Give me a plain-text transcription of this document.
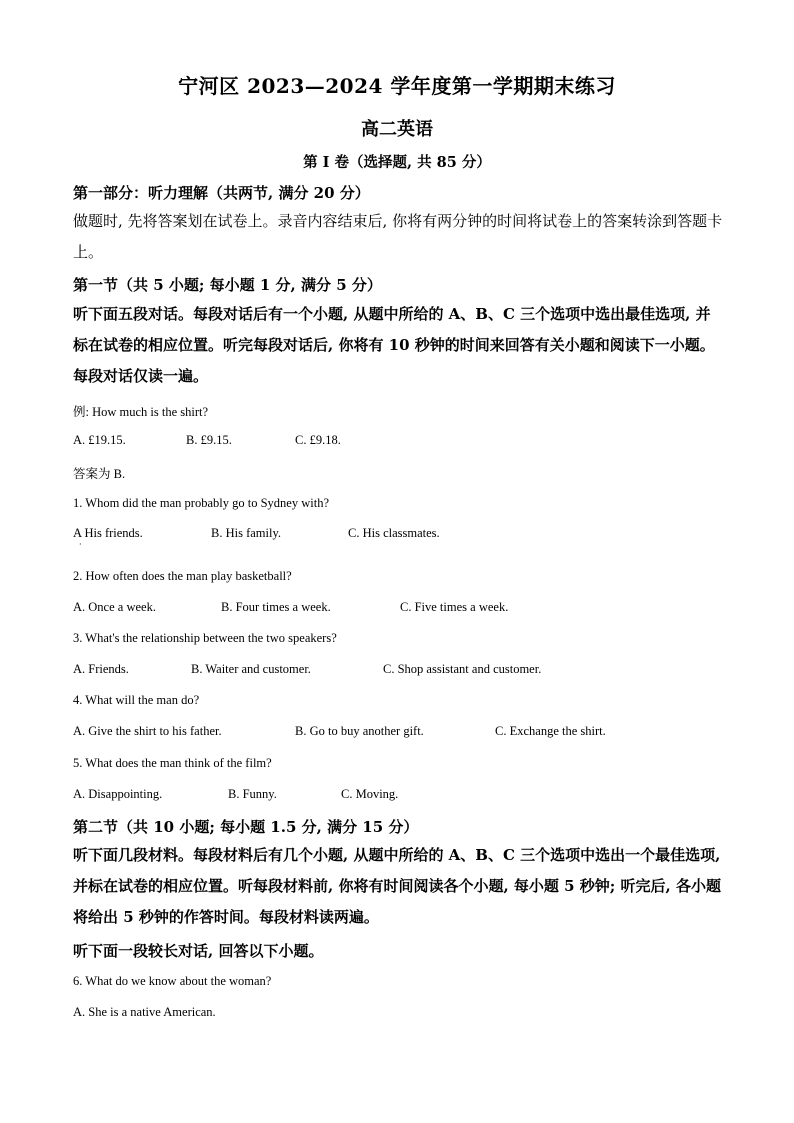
宁河区 2023—2024 学年度第一学期期末练习
高二英语
第 I 卷（选择题, 共 85 分）
第一部分：听力理解（共两节, 满分 20 分）
做题时, 先将答案划在试卷上。录音内容结束后, 你将有两分钟的时间将试卷上的答案转涂到答题卡上。
第一节（共 5 小题; 每小题 1 分, 满分 5 分）
听下面五段对话。每段对话后有一个小题, 从题中所给的 A、B、C 三个选项中选出最佳选项, 并标在试卷的相应位置。听完每段对话后, 你将有 10 秒钟的时间来回答有关小题和阅读下一小题。每段对话仅读一遍。
例: How much is the shirt?
A. £19.15.	B. £9.15.	C. £9.18.
答案为 B.
1. Whom did the man probably go to Sydney with?
A His friends.
·
B. His family.	C. His classmates.
2. How often does the man play basketball?
A. Once a week.	B. Four times a week.	C. Five times a week.
3. What's the relationship between the two speakers?
A. Friends.	B. Waiter and customer.	C. Shop assistant and customer.
4. What will the man do?
A. Give the shirt to his father.	B. Go to buy another gift.	C. Exchange the shirt.
5. What does the man think of the film?
A. Disappointing.	B. Funny.	C. Moving.
第二节（共 10 小题; 每小题 1.5 分, 满分 15 分）
听下面几段材料。每段材料后有几个小题, 从题中所给的 A、B、C 三个选项中选出一个最佳选项, 并标在试卷的相应位置。听每段材料前, 你将有时间阅读各个小题, 每小题 5 秒钟; 听完后, 各小题将给出 5 秒钟的作答时间。每段材料读两遍。
听下面一段较长对话, 回答以下小题。
6. What do we know about the woman?
A. She is a native American.
